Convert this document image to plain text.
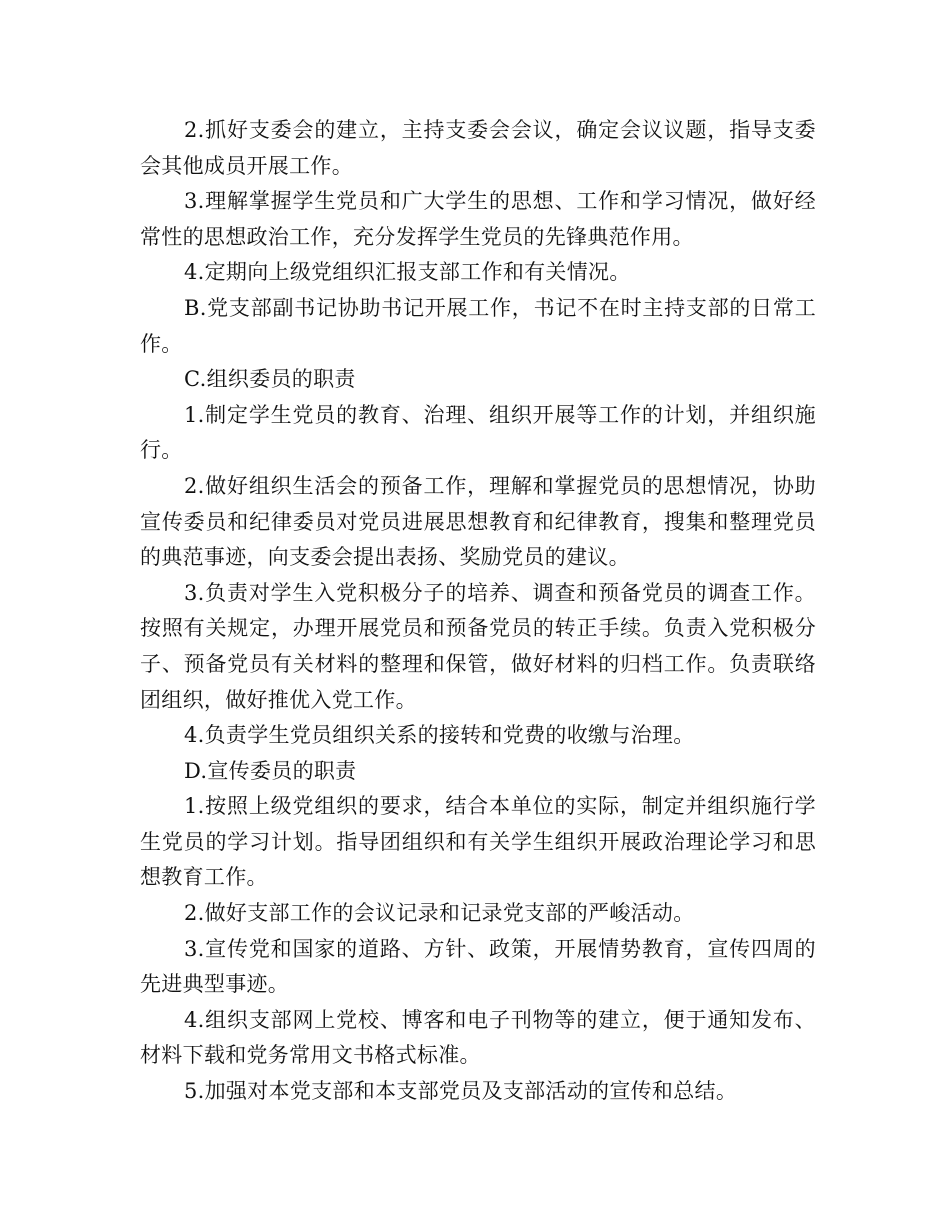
2.抓好支委会的建立，主持支委会会议，确定会议议题，指导支委会其他成员开展工作。

3.理解掌握学生党员和广大学生的思想、工作和学习情况，做好经常性的思想政治工作，充分发挥学生党员的先锋典范作用。

4.定期向上级党组织汇报支部工作和有关情况。

B.党支部副书记协助书记开展工作，书记不在时主持支部的日常工作。

C.组织委员的职责

1.制定学生党员的教育、治理、组织开展等工作的计划，并组织施行。

2.做好组织生活会的预备工作，理解和掌握党员的思想情况，协助宣传委员和纪律委员对党员进展思想教育和纪律教育，搜集和整理党员的典范事迹，向支委会提出表扬、奖励党员的建议。

3.负责对学生入党积极分子的培养、调查和预备党员的调查工作。按照有关规定，办理开展党员和预备党员的转正手续。负责入党积极分子、预备党员有关材料的整理和保管，做好材料的归档工作。负责联络团组织，做好推优入党工作。

4.负责学生党员组织关系的接转和党费的收缴与治理。

D.宣传委员的职责

1.按照上级党组织的要求，结合本单位的实际，制定并组织施行学生党员的学习计划。指导团组织和有关学生组织开展政治理论学习和思想教育工作。

2.做好支部工作的会议记录和记录党支部的严峻活动。

3.宣传党和国家的道路、方针、政策，开展情势教育，宣传四周的先进典型事迹。

4.组织支部网上党校、博客和电子刊物等的建立，便于通知发布、材料下载和党务常用文书格式标准。

5.加强对本党支部和本支部党员及支部活动的宣传和总结。
